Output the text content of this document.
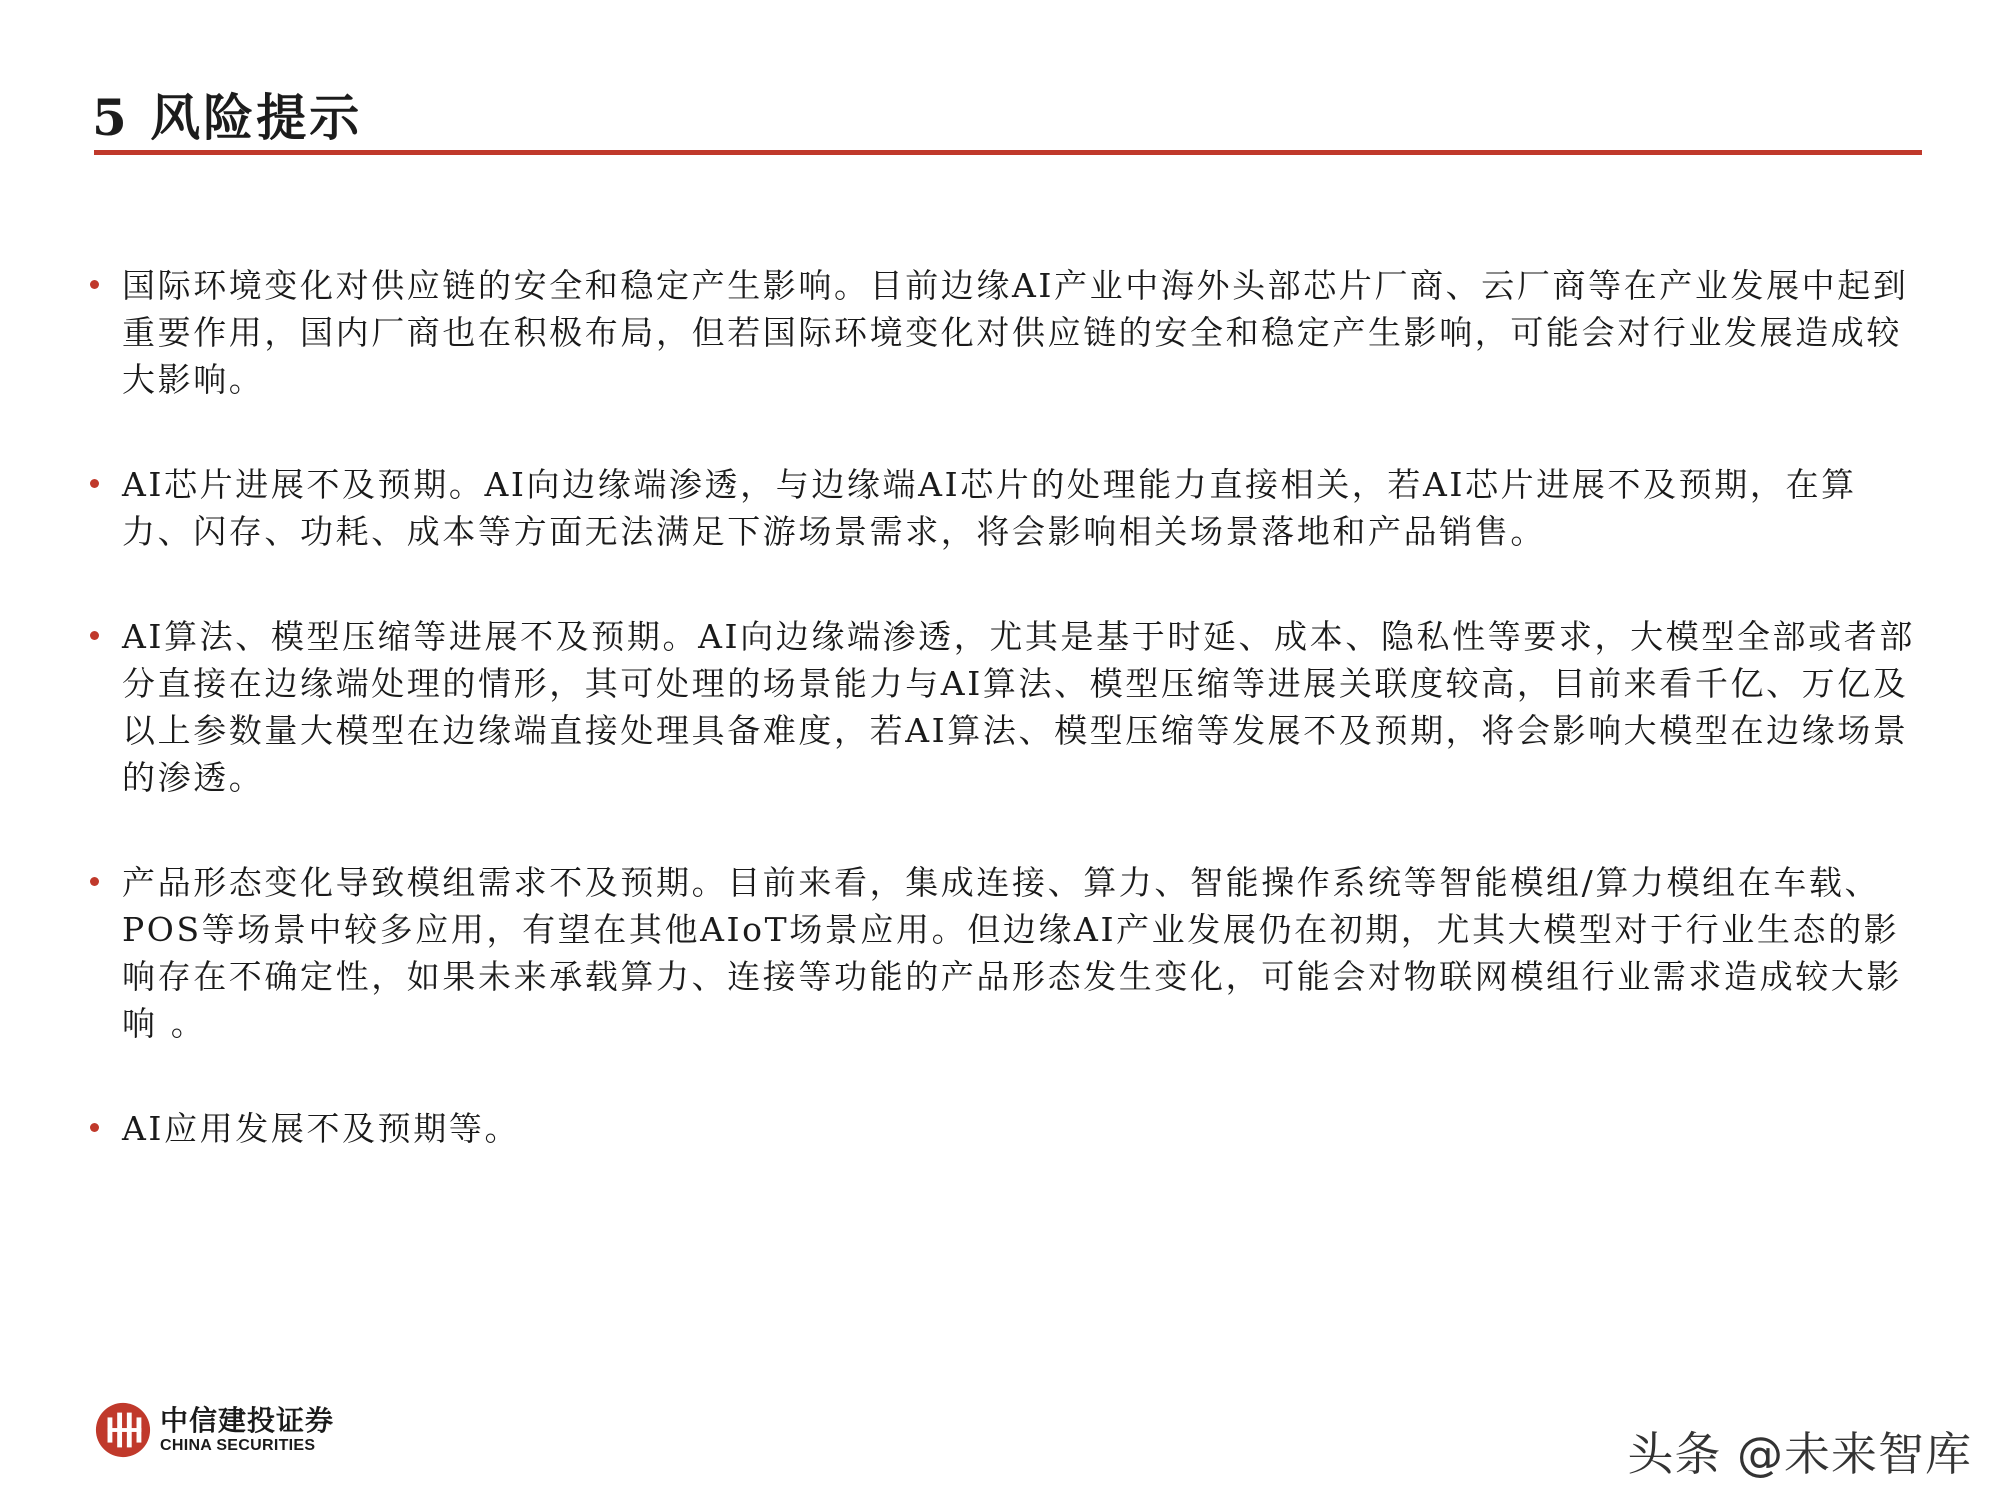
5 风险提示
国际环境变化对供应链的安全和稳定产生影响。目前边缘AI产业中海外头部芯片厂商、云厂商等在产业发展中起到重要作用，国内厂商也在积极布局，但若国际环境变化对供应链的安全和稳定产生影响，可能会对行业发展造成较大影响。
AI芯片进展不及预期。AI向边缘端渗透，与边缘端AI芯片的处理能力直接相关，若AI芯片进展不及预期，在算力、闪存、功耗、成本等方面无法满足下游场景需求，将会影响相关场景落地和产品销售。
AI算法、模型压缩等进展不及预期。AI向边缘端渗透，尤其是基于时延、成本、隐私性等要求，大模型全部或者部分直接在边缘端处理的情形，其可处理的场景能力与AI算法、模型压缩等进展关联度较高，目前来看千亿、万亿及以上参数量大模型在边缘端直接处理具备难度，若AI算法、模型压缩等发展不及预期，将会影响大模型在边缘场景的渗透。
产品形态变化导致模组需求不及预期。目前来看，集成连接、算力、智能操作系统等智能模组/算力模组在车载、POS等场景中较多应用，有望在其他AIoT场景应用。但边缘AI产业发展仍在初期，尤其大模型对于行业生态的影响存在不确定性，如果未来承载算力、连接等功能的产品形态发生变化，可能会对物联网模组行业需求造成较大影响 。
AI应用发展不及预期等。
中信建投证券
CHINA SECURITIES	头条 @未来智库
